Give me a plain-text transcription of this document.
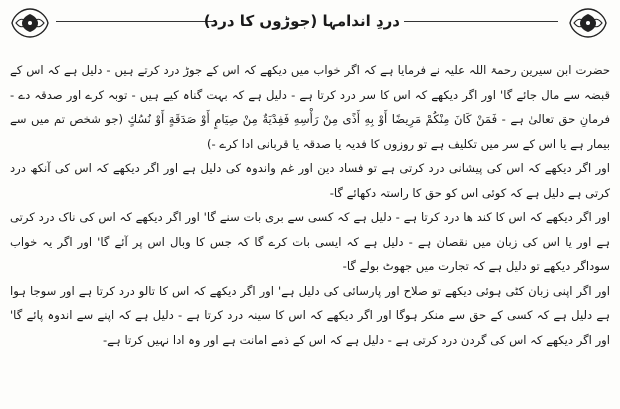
دردِ اندامہا (جوڑوں کا درد)

حضرت ابن سیرین رحمۃ اللہ علیہ نے فرمایا ہے کہ اگر خواب میں دیکھے کہ اس کے جوڑ درد کرتے ہیں - دلیل ہے کہ اس کے قبضہ سے مال جائے گا' اور اگر دیکھے کہ اس کا سر درد کرتا ہے - دلیل ہے کہ بہت گناہ کیے ہیں - توبہ کرے اور صدقہ دے - فرمانِ حق تعالیٰ ہے - فَمَنْ كَانَ مِنْكُمْ مَرِيضًا أَوْ بِهِ أَذًى مِنْ رَأْسِهِ فَفِدْيَةٌ مِنْ صِيَامٍ أَوْ صَدَقَةٍ أَوْ نُسُكٍ (جو شخص تم میں سے بیمار ہے یا اس کے سر میں تکلیف ہے تو روزوں کا فدیہ یا صدقہ یا قربانی ادا کرے -)

اور اگر دیکھے کہ اس کی پیشانی درد کرتی ہے تو فساد دین اور غم واندوہ کی دلیل ہے اور اگر دیکھے کہ اس کی آنکھ درد کرتی ہے دلیل ہے کہ کوئی اس کو حق کا راستہ دکھائے گا-

اور اگر دیکھے کہ اس کا کند ھا درد کرتا ہے - دلیل ہے کہ کسی سے بری بات سنے گا' اور اگر دیکھے کہ اس کی ناک درد کرتی ہے اور یا اس کی زبان میں نقصان ہے - دلیل ہے کہ ایسی بات کرے گا کہ جس کا وبال اس پر آئے گا' اور اگر یہ خواب سوداگر دیکھے تو دلیل ہے کہ تجارت میں جھوٹ بولے گا-

اور اگر اپنی زبان کٹی ہوئی دیکھے تو صلاح اور پارسائی کی دلیل ہے' اور اگر دیکھے کہ اس کا تالو درد کرتا ہے اور سوجا ہوا ہے دلیل ہے کہ کسی کے حق سے منکر ہوگا اور اگر دیکھے کہ اس کا سینہ درد کرتا ہے - دلیل ہے کہ اپنے سے اندوہ پائے گا' اور اگر دیکھے کہ اس کی گردن درد کرتی ہے - دلیل ہے کہ اس کے ذمے امانت ہے اور وہ ادا نہیں کرتا ہے-
